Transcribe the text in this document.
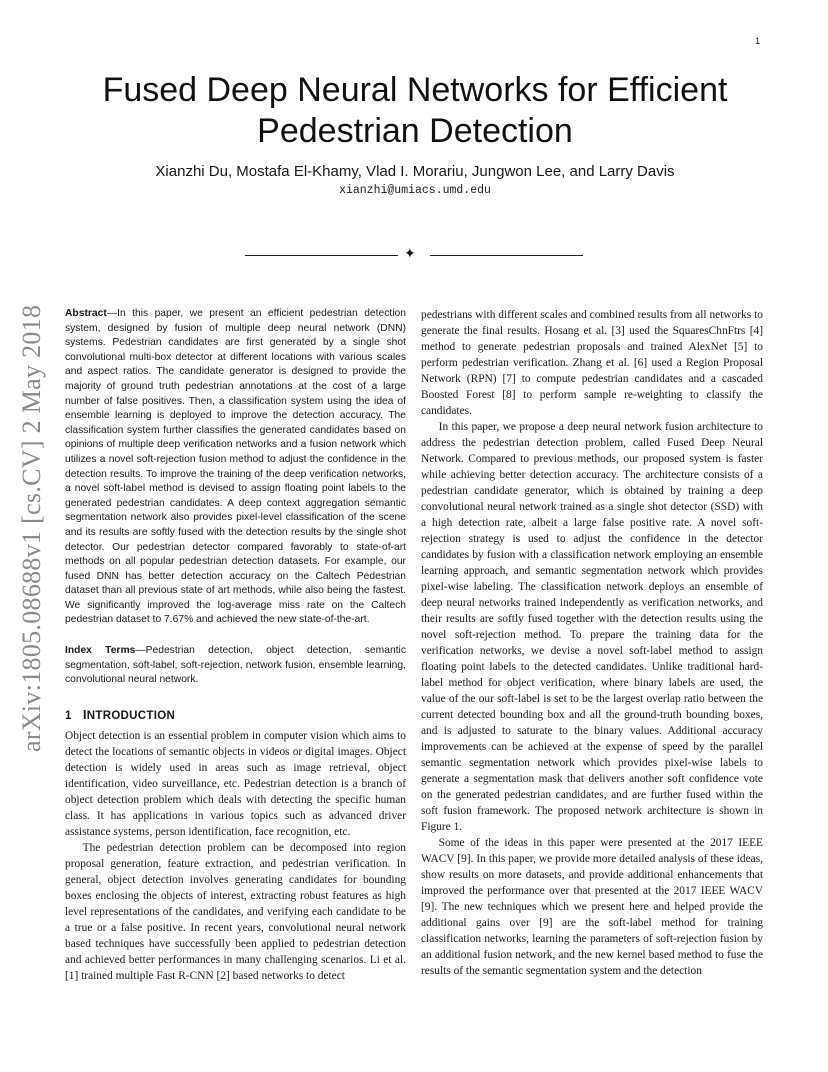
1
Fused Deep Neural Networks for Efficient
Pedestrian Detection
Xianzhi Du, Mostafa El-Khamy, Vlad I. Morariu, Jungwon Lee, and Larry Davis
xianzhi@umiacs.umd.edu
✦
arXiv:1805.08688v1 [cs.CV] 2 May 2018 Abstract—In this paper, we present an efficient pedestrian detection system, designed by fusion of multiple deep neural network (DNN) systems. Pedestrian candidates are first generated by a single shot convolutional multi-box detector at different locations with various scales and aspect ratios. The candidate generator is designed to provide the majority of ground truth pedestrian annotations at the cost of a large number of false positives. Then, a classification system using the idea of ensemble learning is deployed to improve the detection accuracy. The classification system further classifies the generated candidates based on opinions of multiple deep verification networks and a fusion network which utilizes a novel soft-rejection fusion method to adjust the confidence in the detection results. To improve the training of the deep verification networks, a novel soft-label method is devised to assign floating point labels to the generated pedestrian candidates. A deep context aggregation semantic segmentation network also provides pixel-level classification of the scene and its results are softly fused with the detection results by the single shot detector. Our pedestrian detector compared favorably to state-of-art methods on all popular pedestrian detection datasets. For example, our fused DNN has better detection accuracy on the Caltech Pedestrian dataset than all previous state of art methods, while also being the fastest. We significantly improved the log-average miss rate on the Caltech pedestrian dataset to 7.67% and achieved the new state-of-the-art.

Index Terms—Pedestrian detection, object detection, semantic segmentation, soft-label, soft-rejection, network fusion, ensemble learning, convolutional neural network.

1 INTRODUCTION

Object detection is an essential problem in computer vision which aims to detect the locations of semantic objects in videos or digital images. Object detection is widely used in areas such as image retrieval, object identification, video surveillance, etc. Pedestrian detection is a branch of object detection problem which deals with detecting the specific human class. It has applications in various topics such as advanced driver assistance systems, person identification, face recognition, etc.

The pedestrian detection problem can be decomposed into region proposal generation, feature extraction, and pedestrian verification. In general, object detection involves generating candidates for bounding boxes enclosing the objects of interest, extracting robust features as high level representations of the candidates, and verifying each candidate to be a true or a false positive. In recent years, convolutional neural network based techniques have successfully been applied to pedestrian detection and achieved better performances in many challenging scenarios. Li et al. [1] trained multiple Fast R-CNN [2] based networks to detect

pedestrians with different scales and combined results from all networks to generate the final results. Hosang et al. [3] used the SquaresChnFtrs [4] method to generate pedestrian proposals and trained AlexNet [5] to perform pedestrian verification. Zhang et al. [6] used a Region Proposal Network (RPN) [7] to compute pedestrian candidates and a cascaded Boosted Forest [8] to perform sample re-weighting to classify the candidates.

In this paper, we propose a deep neural network fusion architecture to address the pedestrian detection problem, called Fused Deep Neural Network. Compared to previous methods, our proposed system is faster while achieving better detection accuracy. The architecture consists of a pedestrian candidate generator, which is obtained by training a deep convolutional neural network trained as a single shot detector (SSD) with a high detection rate, albeit a large false positive rate. A novel soft-rejection strategy is used to adjust the confidence in the detector candidates by fusion with a classification network employing an ensemble learning approach, and semantic segmentation network which provides pixel-wise labeling. The classification network deploys an ensemble of deep neural networks trained independently as verification networks, and their results are softly fused together with the detection results using the novel soft-rejection method. To prepare the training data for the verification networks, we devise a novel soft-label method to assign floating point labels to the detected candidates. Unlike traditional hard-label method for object verification, where binary labels are used, the value of the our soft-label is set to be the largest overlap ratio between the current detected bounding box and all the ground-truth bounding boxes, and is adjusted to saturate to the binary values. Additional accuracy improvements can be achieved at the expense of speed by the parallel semantic segmentation network which provides pixel-wise labels to generate a segmentation mask that delivers another soft confidence vote on the generated pedestrian candidates, and are further fused within the soft fusion framework. The proposed network architecture is shown in Figure 1.

Some of the ideas in this paper were presented at the 2017 IEEE WACV [9]. In this paper, we provide more detailed analysis of these ideas, show results on more datasets, and provide additional enhancements that improved the performance over that presented at the 2017 IEEE WACV [9]. The new techniques which we present here and helped provide the additional gains over [9] are the soft-label method for training classification networks, learning the parameters of soft-rejection fusion by an additional fusion network, and the new kernel based method to fuse the results of the semantic segmentation system and the detection
